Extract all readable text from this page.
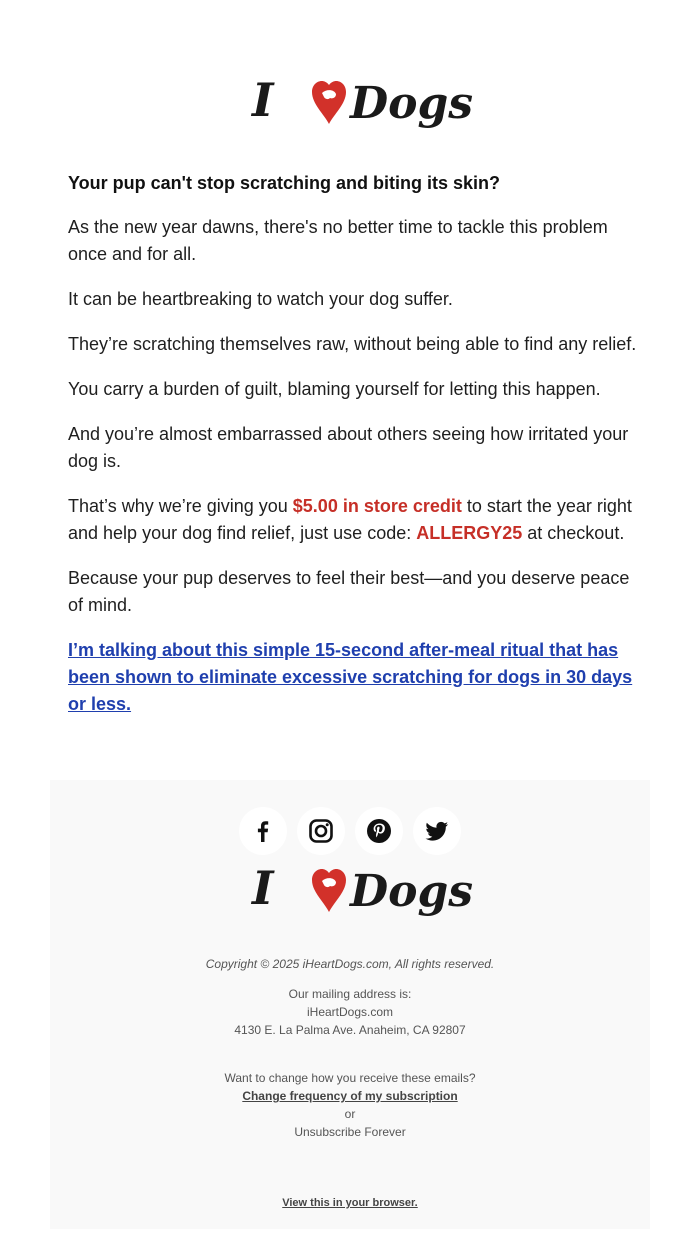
I Dogs
Your pup can't stop scratching and biting its skin?

As the new year dawns, there's no better time to tackle this problem once and for all.

It can be heartbreaking to watch your dog suffer.

They’re scratching themselves raw, without being able to find any relief.

You carry a burden of guilt, blaming yourself for letting this happen.

And you’re almost embarrassed about others seeing how irritated your dog is.

That’s why we’re giving you $5.00 in store credit to start the year right and help your dog find relief, just use code: ALLERGY25 at checkout.

Because your pup deserves to feel their best—and you deserve peace of mind.

I’m talking about this simple 15-second after-meal ritual that has been shown to eliminate excessive scratching for dogs in 30 days or less.

Copyright © 2025 iHeartDogs.com, All rights reserved.
Our mailing address is:
iHeartDogs.com
4130 E. La Palma Ave. Anaheim, CA 92807
Want to change how you receive these emails?
Change frequency of my subscription
or
Unsubscribe Forever
View this in your browser.
I Dogs
